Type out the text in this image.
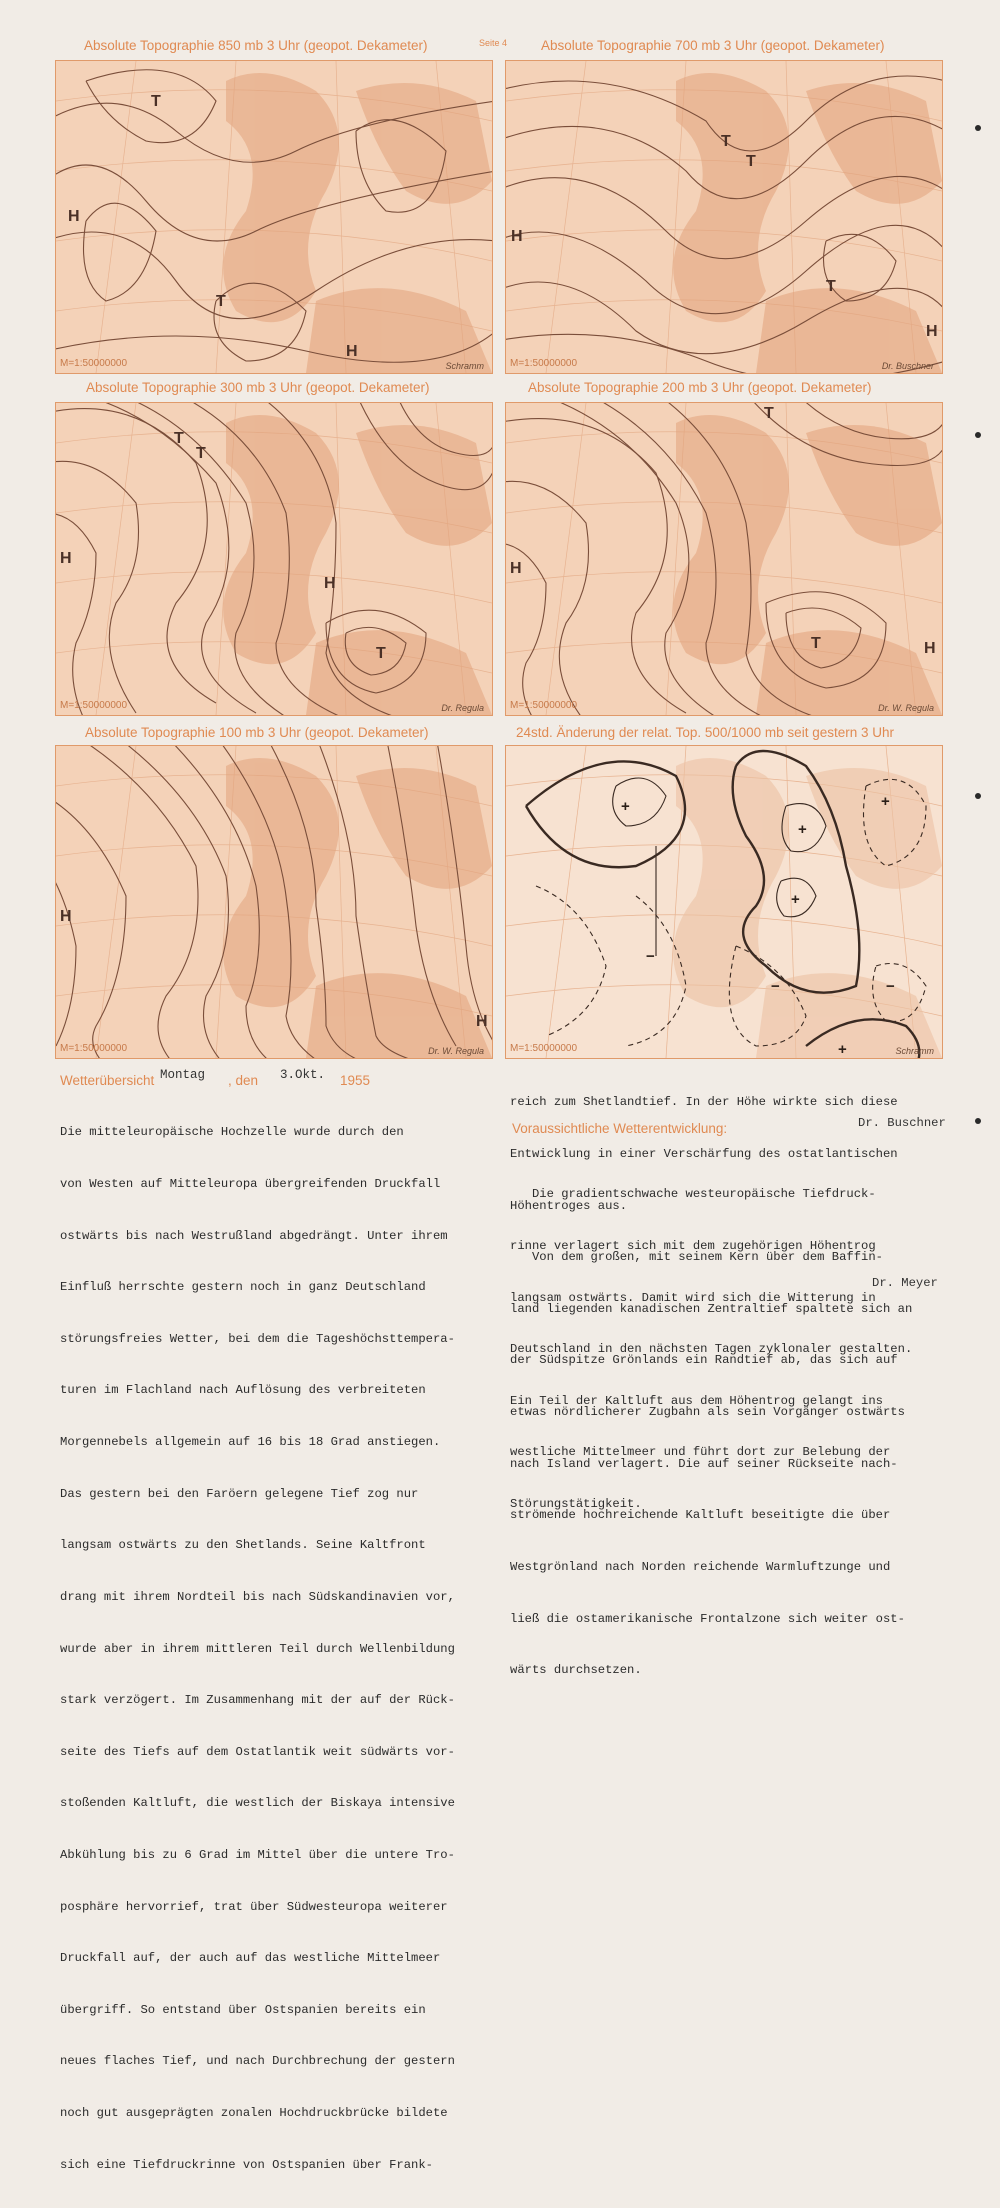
Absolute Topographie 850 mb 3 Uhr (geopot. Dekameter)	Seite 4	Absolute Topographie 700 mb 3 Uhr (geopot. Dekameter)
Absolute Topographie 300 mb 3 Uhr (geopot. Dekameter)	Absolute Topographie 200 mb 3 Uhr (geopot. Dekameter)
Absolute Topographie 100 mb 3 Uhr (geopot. Dekameter)	24std. Änderung der relat. Top. 500/1000 mb seit gestern 3 Uhr
H
T
T
H
M=1:50000000	Schramm
H
T
T
H
T
M=1:50000000	Dr. Buschner
H
T
H
T
T
M=1:50000000	Dr. Regula
H
T
H
T
M=1:50000000	Dr. W. Regula
H
H
M=1:50000000	Dr. W. Regula
+
+
+
−
−
+
+
−
M=1:50000000	Schramm
Wetterübersicht Montag , den 3.Okt. 1955

Die mitteleuropäische Hochzelle wurde durch den

von Westen auf Mitteleuropa übergreifenden Druckfall

ostwärts bis nach Westrußland abgedrängt. Unter ihrem

Einfluß herrschte gestern noch in ganz Deutschland

störungsfreies Wetter, bei dem die Tageshöchsttempera-

turen im Flachland nach Auflösung des verbreiteten

Morgennebels allgemein auf 16 bis 18 Grad anstiegen.

Das gestern bei den Faröern gelegene Tief zog nur

langsam ostwärts zu den Shetlands. Seine Kaltfront

drang mit ihrem Nordteil bis nach Südskandinavien vor,

wurde aber in ihrem mittleren Teil durch Wellenbildung

stark verzögert. Im Zusammenhang mit der auf der Rück-

seite des Tiefs auf dem Ostatlantik weit südwärts vor-

stoßenden Kaltluft, die westlich der Biskaya intensive

Abkühlung bis zu 6 Grad im Mittel über die untere Tro-

posphäre hervorrief, trat über Südwesteuropa weiterer

Druckfall auf, der auch auf das westliche Mittelmeer

übergriff. So entstand über Ostspanien bereits ein

neues flaches Tief, und nach Durchbrechung der gestern

noch gut ausgeprägten zonalen Hochdruckbrücke bildete

sich eine Tiefdruckrinne von Ostspanien über Frank-

reich zum Shetlandtief. In der Höhe wirkte sich diese

Entwicklung in einer Verschärfung des ostatlantischen

Höhentroges aus.

Von dem großen, mit seinem Kern über dem Baffin-

land liegenden kanadischen Zentraltief spaltete sich an

der Südspitze Grönlands ein Randtief ab, das sich auf

etwas nördlicherer Zugbahn als sein Vorgänger ostwärts

nach Island verlagert. Die auf seiner Rückseite nach-

strömende hochreichende Kaltluft beseitigte die über

Westgrönland nach Norden reichende Warmluftzunge und

ließ die ostamerikanische Frontalzone sich weiter ost-

wärts durchsetzen.

Dr. Buschner
Voraussichtliche Wetterentwicklung:

Die gradientschwache westeuropäische Tiefdruck-

rinne verlagert sich mit dem zugehörigen Höhentrog

langsam ostwärts. Damit wird sich die Witterung in

Deutschland in den nächsten Tagen zyklonaler gestalten.

Ein Teil der Kaltluft aus dem Höhentrog gelangt ins

westliche Mittelmeer und führt dort zur Belebung der

Störungstätigkeit.

Dr. Meyer
